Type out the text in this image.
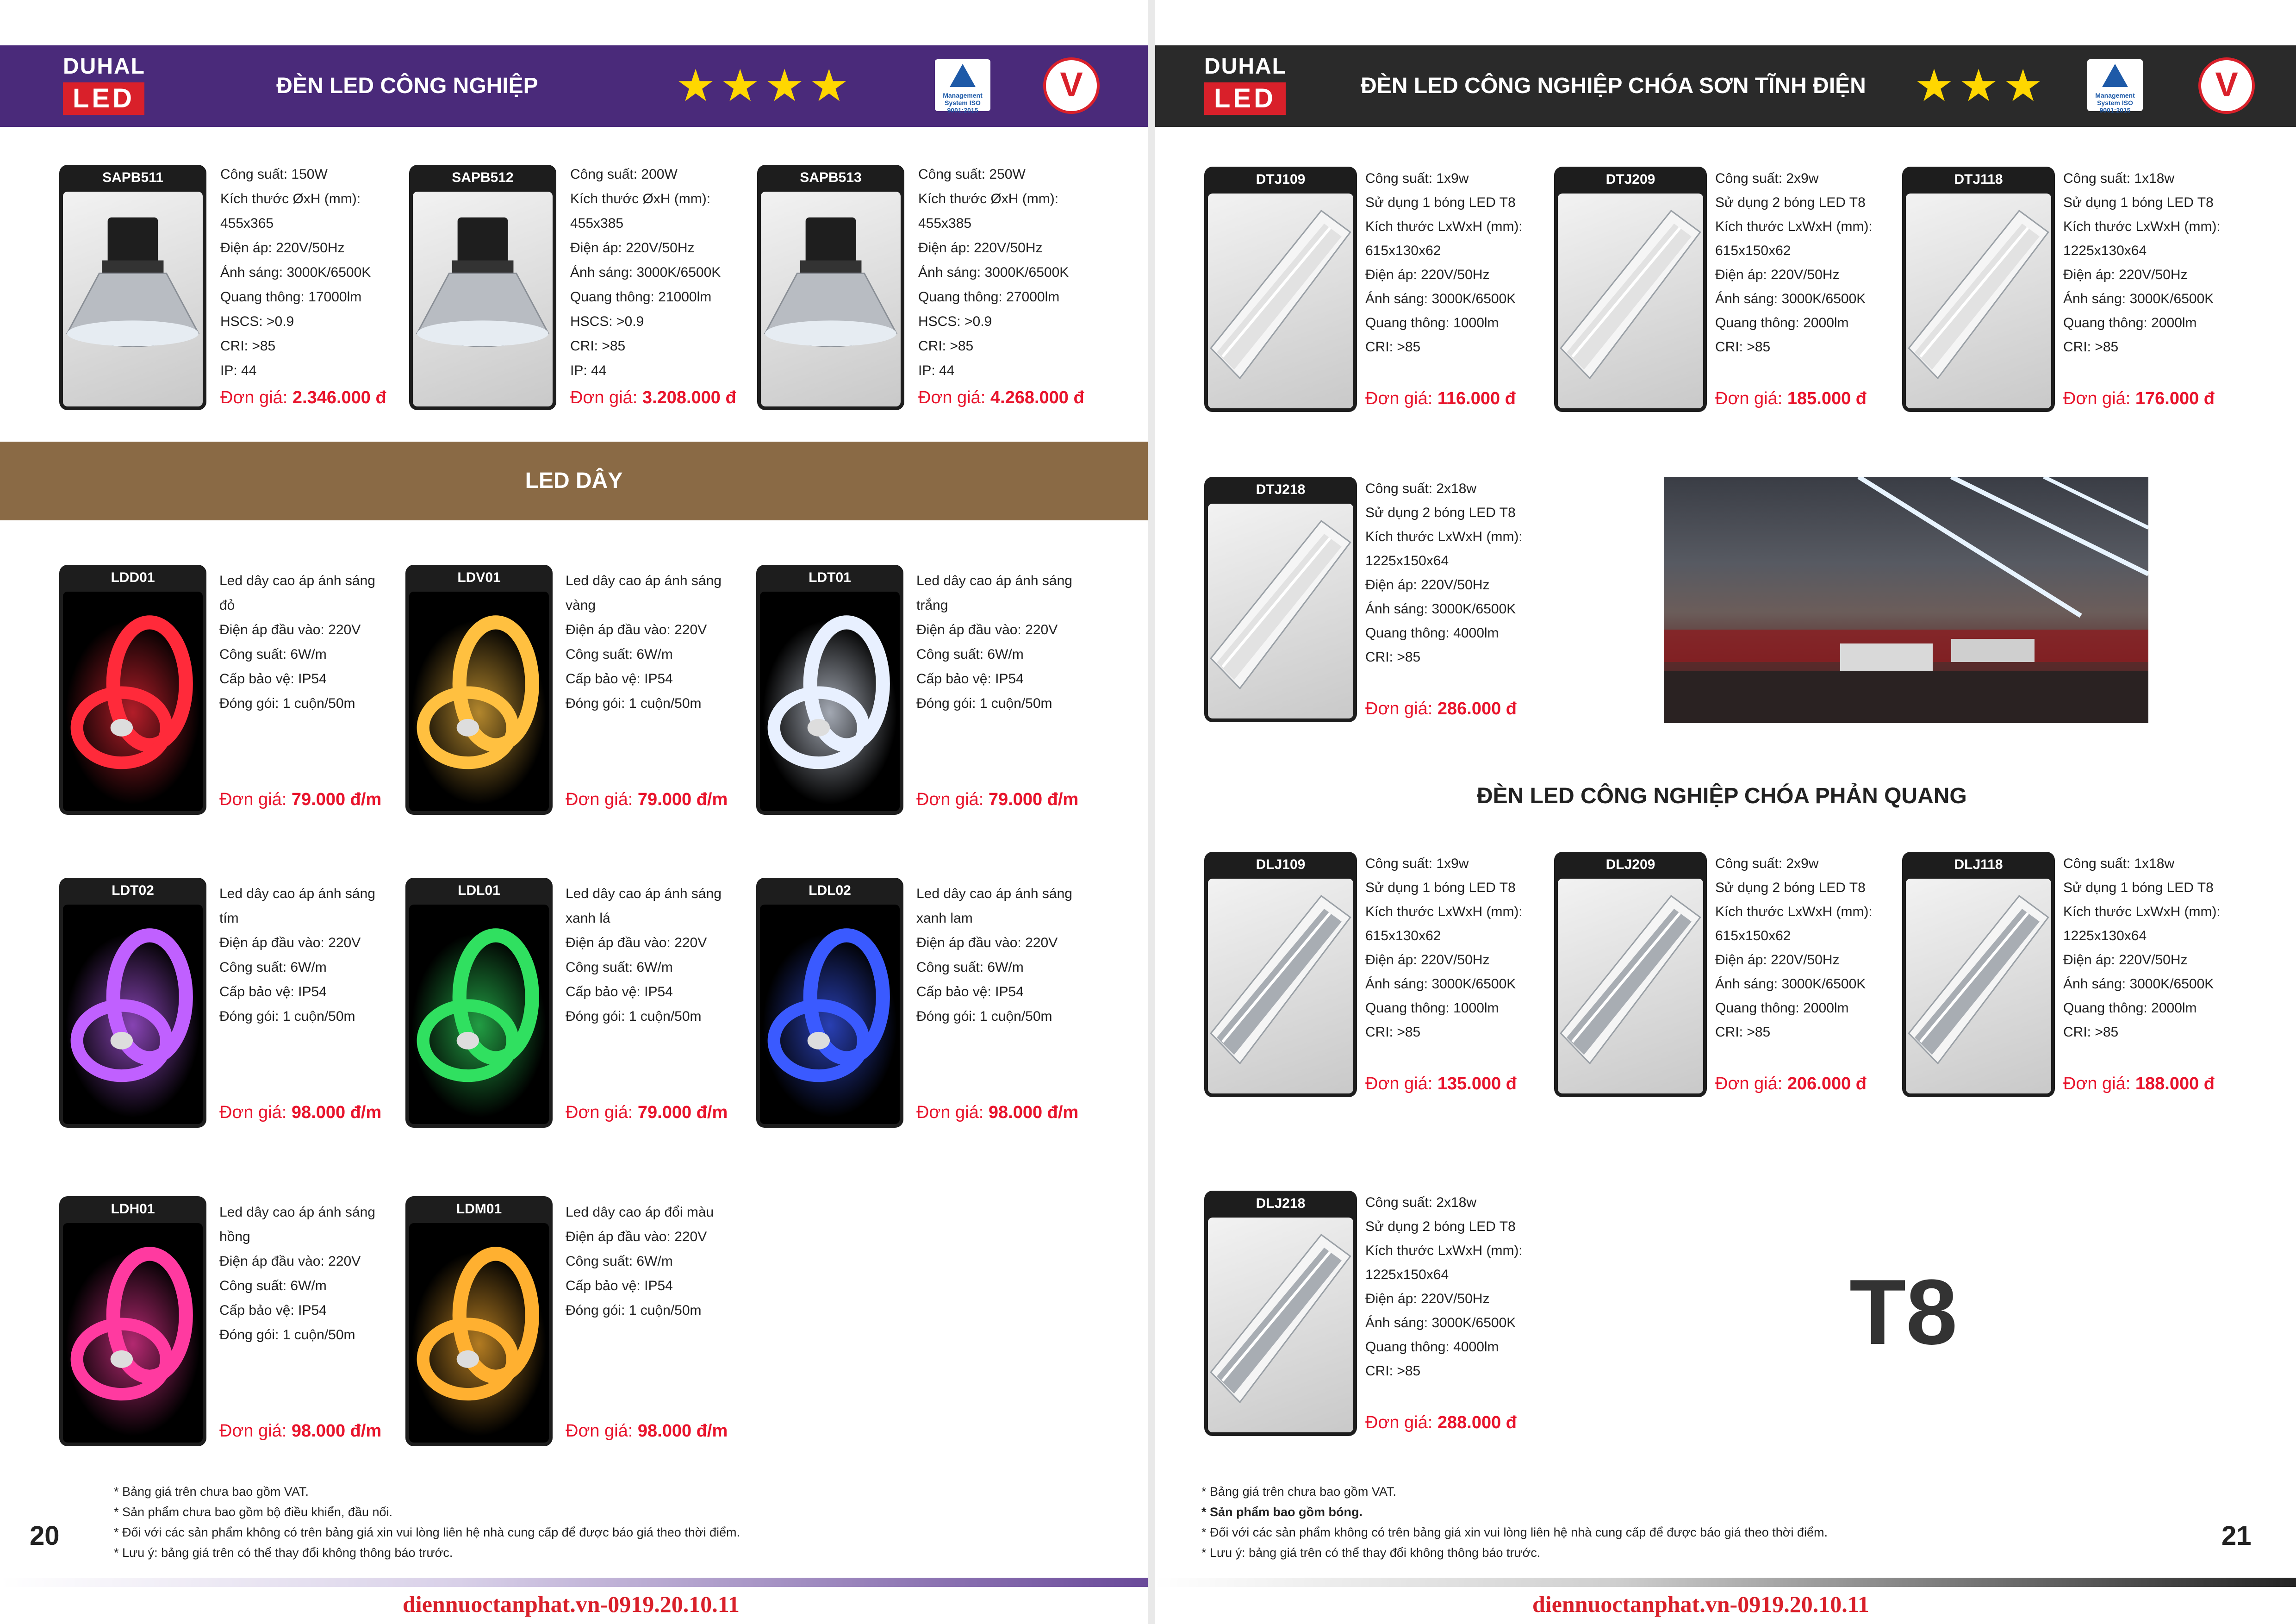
DUHAL
LED	ĐÈN LED CÔNG NGHIỆP	★★★★	Management System ISO 9001:2015
V
SAPB511	Công suất: 150W
Kích thước ØxH (mm):
455x365
Điện áp: 220V/50Hz
Ánh sáng: 3000K/6500K
Quang thông: 17000lm
HSCS: >0.9
CRI: >85
IP: 44
Đơn giá: 2.346.000 đ
SAPB512	Công suất: 200W
Kích thước ØxH (mm):
455x385
Điện áp: 220V/50Hz
Ánh sáng: 3000K/6500K
Quang thông: 21000lm
HSCS: >0.9
CRI: >85
IP: 44
Đơn giá: 3.208.000 đ
SAPB513	Công suất: 250W
Kích thước ØxH (mm):
455x385
Điện áp: 220V/50Hz
Ánh sáng: 3000K/6500K
Quang thông: 27000lm
HSCS: >0.9
CRI: >85
IP: 44
Đơn giá: 4.268.000 đ
LED DÂY
LDD01	Led dây cao áp ánh sáng
đỏ
Điện áp đầu vào: 220V
Công suất: 6W/m
Cấp bảo vệ: IP54
Đóng gói: 1 cuộn/50m
Đơn giá: 79.000 đ/m
LDV01	Led dây cao áp ánh sáng
vàng
Điện áp đầu vào: 220V
Công suất: 6W/m
Cấp bảo vệ: IP54
Đóng gói: 1 cuộn/50m
Đơn giá: 79.000 đ/m
LDT01	Led dây cao áp ánh sáng
trắng
Điện áp đầu vào: 220V
Công suất: 6W/m
Cấp bảo vệ: IP54
Đóng gói: 1 cuộn/50m
Đơn giá: 79.000 đ/m
LDT02	Led dây cao áp ánh sáng
tím
Điện áp đầu vào: 220V
Công suất: 6W/m
Cấp bảo vệ: IP54
Đóng gói: 1 cuộn/50m
Đơn giá: 98.000 đ/m
LDL01	Led dây cao áp ánh sáng
xanh lá
Điện áp đầu vào: 220V
Công suất: 6W/m
Cấp bảo vệ: IP54
Đóng gói: 1 cuộn/50m
Đơn giá: 79.000 đ/m
LDL02	Led dây cao áp ánh sáng
xanh lam
Điện áp đầu vào: 220V
Công suất: 6W/m
Cấp bảo vệ: IP54
Đóng gói: 1 cuộn/50m
Đơn giá: 98.000 đ/m
LDH01	Led dây cao áp ánh sáng
hồng
Điện áp đầu vào: 220V
Công suất: 6W/m
Cấp bảo vệ: IP54
Đóng gói: 1 cuộn/50m
Đơn giá: 98.000 đ/m
LDM01	Led dây cao áp đổi màu
Điện áp đầu vào: 220V
Công suất: 6W/m
Cấp bảo vệ: IP54
Đóng gói: 1 cuộn/50m
Đơn giá: 98.000 đ/m
* Bảng giá trên chưa bao gồm VAT.
* Sản phẩm chưa bao gồm bộ điều khiển, đầu nối.
* Đối với các sản phẩm không có trên bảng giá xin vui lòng liên hệ nhà cung cấp để được báo giá theo thời điểm.
* Lưu ý: bảng giá trên có thể thay đổi không thông báo trước.
20
diennuoctanphat.vn-0919.20.10.11
DUHAL
LED	ĐÈN LED CÔNG NGHIỆP CHÓA SƠN TĨNH ĐIỆN ★★★	Management System ISO 9001:2015
V
DTJ109	Công suất: 1x9w
Sử dụng 1 bóng LED T8
Kích thước LxWxH (mm):
615x130x62
Điện áp: 220V/50Hz
Ánh sáng: 3000K/6500K
Quang thông: 1000lm
CRI: >85
Đơn giá: 116.000 đ
DTJ209	Công suất: 2x9w
Sử dụng 2 bóng LED T8
Kích thước LxWxH (mm):
615x150x62
Điện áp: 220V/50Hz
Ánh sáng: 3000K/6500K
Quang thông: 2000lm
CRI: >85
Đơn giá: 185.000 đ
DTJ118	Công suất: 1x18w
Sử dụng 1 bóng LED T8
Kích thước LxWxH (mm):
1225x130x64
Điện áp: 220V/50Hz
Ánh sáng: 3000K/6500K
Quang thông: 2000lm
CRI: >85
Đơn giá: 176.000 đ
DTJ218	Công suất: 2x18w
Sử dụng 2 bóng LED T8
Kích thước LxWxH (mm):
1225x150x64
Điện áp: 220V/50Hz
Ánh sáng: 3000K/6500K
Quang thông: 4000lm
CRI: >85
Đơn giá: 286.000 đ
ĐÈN LED CÔNG NGHIỆP CHÓA PHẢN QUANG
DLJ109	Công suất: 1x9w
Sử dụng 1 bóng LED T8
Kích thước LxWxH (mm):
615x130x62
Điện áp: 220V/50Hz
Ánh sáng: 3000K/6500K
Quang thông: 1000lm
CRI: >85
Đơn giá: 135.000 đ
DLJ209	Công suất: 2x9w
Sử dụng 2 bóng LED T8
Kích thước LxWxH (mm):
615x150x62
Điện áp: 220V/50Hz
Ánh sáng: 3000K/6500K
Quang thông: 2000lm
CRI: >85
Đơn giá: 206.000 đ
DLJ118	Công suất: 1x18w
Sử dụng 1 bóng LED T8
Kích thước LxWxH (mm):
1225x130x64
Điện áp: 220V/50Hz
Ánh sáng: 3000K/6500K
Quang thông: 2000lm
CRI: >85
Đơn giá: 188.000 đ
DLJ218	Công suất: 2x18w
Sử dụng 2 bóng LED T8
Kích thước LxWxH (mm):
1225x150x64
Điện áp: 220V/50Hz
Ánh sáng: 3000K/6500K
Quang thông: 4000lm
CRI: >85
Đơn giá: 288.000 đ
T8
* Bảng giá trên chưa bao gồm VAT.
* Sản phẩm bao gồm bóng.
* Đối với các sản phẩm không có trên bảng giá xin vui lòng liên hệ nhà cung cấp để được báo giá theo thời điểm.
* Lưu ý: bảng giá trên có thể thay đổi không thông báo trước.
21
diennuoctanphat.vn-0919.20.10.11
